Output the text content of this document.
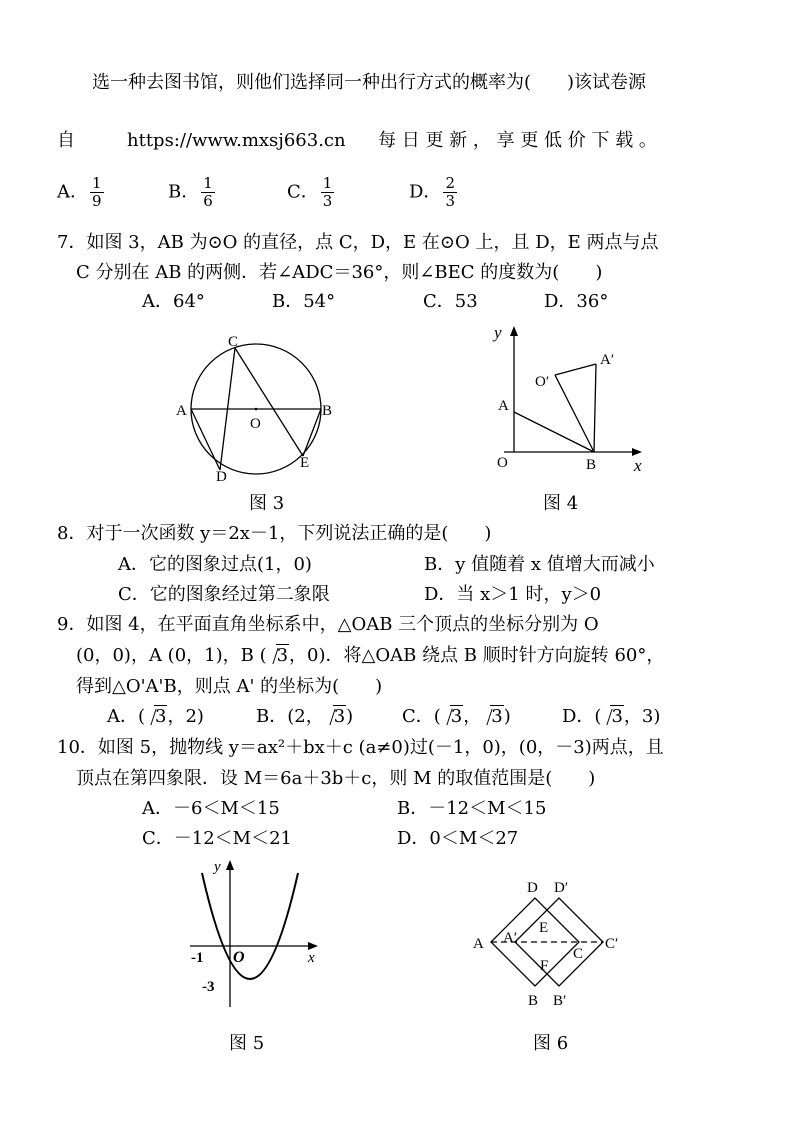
选一种去图书馆，则他们选择同一种出行方式的概率为(　　)该试卷源
自	https://www.mxsj663.cn 每 日 更 新 ， 享 更 低 价 下 载 。
A． $\frac{1}{9}$	B． $\frac{1}{6}$	C． $\frac{1}{3}$	D． $\frac{2}{3}$
7．如图 3，AB 为⊙O 的直径，点 C，D，E 在⊙O 上，且 D，E 两点与点
C 分别在 AB 的两侧．若∠ADC＝36°，则∠BEC 的度数为(　　)
A．64°	B．54°	C．53	D．36°
C
A	B
O
D
E
图 3
y
x
O
A
B
O′
A′
图 4
8．对于一次函数 y＝2x－1，下列说法正确的是(　　)
A．它的图象过点(1，0)	B．y 值随着 x 值增大而减小
C．它的图象经过第二象限	D．当 x＞1 时，y＞0
9．如图 4，在平面直角坐标系中，△OAB 三个顶点的坐标分别为 O
(0，0)，A (0，1)，B ( 3，0)．将△OAB 绕点 B 顺时针方向旋转 60°，
得到△O'A'B，则点 A' 的坐标为(　　)
A．( 3，2)	B．(2， 3)	C．( 3， 3)	D．( 3，3)
10．如图 5，抛物线 y＝ax²＋bx＋c (a≠0)过(－1，0)，(0，－3)两点，且
顶点在第四象限．设 M＝6a＋3b＋c，则 M 的取值范围是(　　)
A．－6＜M＜15	B．－12＜M＜15
C．－12＜M＜21	D．0＜M＜27
y
x
O
-1
-3
图 5
A A′
D D′
E
F
C
C′
B B′
图 6
